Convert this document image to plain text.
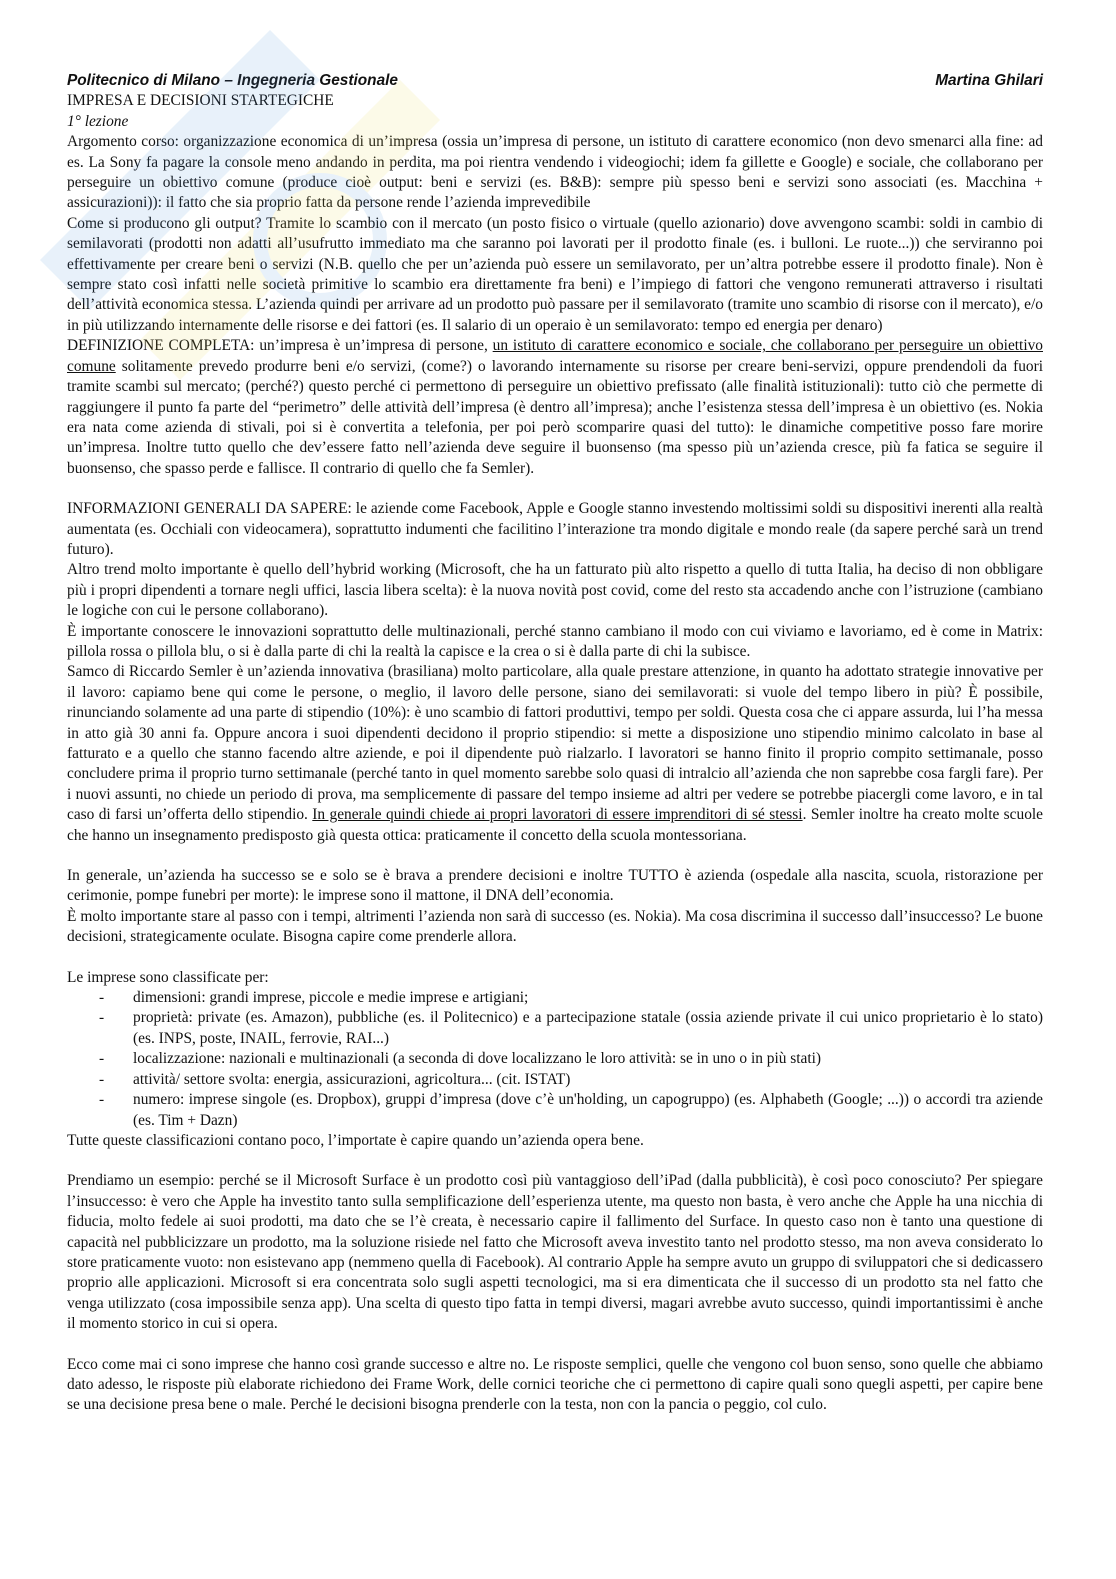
Politecnico di Milano – Ingegneria Gestionale	Martina Ghilari
IMPRESA E DECISIONI STARTEGICHE
1° lezione

Argomento corso: organizzazione economica di un’impresa (ossia un’impresa di persone, un istituto di carattere economico (non devo smenarci alla fine: ad es. La Sony fa pagare la console meno andando in perdita, ma poi rientra vendendo i videogiochi; idem fa gillette e Google) e sociale, che collaborano per perseguire un obiettivo comune (produce cioè output: beni e servizi (es. B&B): sempre più spesso beni e servizi sono associati (es. Macchina + assicurazioni)): il fatto che sia proprio fatta da persone rende l’azienda imprevedibile

Come si producono gli output? Tramite lo scambio con il mercato (un posto fisico o virtuale (quello azionario) dove avvengono scambi: soldi in cambio di semilavorati (prodotti non adatti all’usufrutto immediato ma che saranno poi lavorati per il prodotto finale (es. i bulloni. Le ruote...)) che serviranno poi effettivamente per creare beni o servizi (N.B. quello che per un’azienda può essere un semilavorato, per un’altra potrebbe essere il prodotto finale). Non è sempre stato così infatti nelle società primitive lo scambio era direttamente fra beni) e l’impiego di fattori che vengono remunerati attraverso i risultati dell’attività economica stessa. L’azienda quindi per arrivare ad un prodotto può passare per il semilavorato (tramite uno scambio di risorse con il mercato), e/o in più utilizzando internamente delle risorse e dei fattori (es. Il salario di un operaio è un semilavorato: tempo ed energia per denaro)

DEFINIZIONE COMPLETA: un’impresa è un’impresa di persone, un istituto di carattere economico e sociale, che collaborano per perseguire un obiettivo comune solitamente prevedo produrre beni e/o servizi, (come?) o lavorando internamente su risorse per creare beni-servizi, oppure prendendoli da fuori tramite scambi sul mercato; (perché?) questo perché ci permettono di perseguire un obiettivo prefissato (alle finalità istituzionali): tutto ciò che permette di raggiungere il punto fa parte del “perimetro” delle attività dell’impresa (è dentro all’impresa); anche l’esistenza stessa dell’impresa è un obiettivo (es. Nokia era nata come azienda di stivali, poi si è convertita a telefonia, per poi però scomparire quasi del tutto): le dinamiche competitive posso fare morire un’impresa. Inoltre tutto quello che dev’essere fatto nell’azienda deve seguire il buonsenso (ma spesso più un’azienda cresce, più fa fatica se seguire il buonsenso, che spasso perde e fallisce. Il contrario di quello che fa Semler).

INFORMAZIONI GENERALI DA SAPERE: le aziende come Facebook, Apple e Google stanno investendo moltissimi soldi su dispositivi inerenti alla realtà aumentata (es. Occhiali con videocamera), soprattutto indumenti che facilitino l’interazione tra mondo digitale e mondo reale (da sapere perché sarà un trend futuro).

Altro trend molto importante è quello dell’hybrid working (Microsoft, che ha un fatturato più alto rispetto a quello di tutta Italia, ha deciso di non obbligare più i propri dipendenti a tornare negli uffici, lascia libera scelta): è la nuova novità post covid, come del resto sta accadendo anche con l’istruzione (cambiano le logiche con cui le persone collaborano).

È importante conoscere le innovazioni soprattutto delle multinazionali, perché stanno cambiano il modo con cui viviamo e lavoriamo, ed è come in Matrix: pillola rossa o pillola blu, o si è dalla parte di chi la realtà la capisce e la crea o si è dalla parte di chi la subisce.

Samco di Riccardo Semler è un’azienda innovativa (brasiliana) molto particolare, alla quale prestare attenzione, in quanto ha adottato strategie innovative per il lavoro: capiamo bene qui come le persone, o meglio, il lavoro delle persone, siano dei semilavorati: si vuole del tempo libero in più? È possibile, rinunciando solamente ad una parte di stipendio (10%): è uno scambio di fattori produttivi, tempo per soldi. Questa cosa che ci appare assurda, lui l’ha messa in atto già 30 anni fa. Oppure ancora i suoi dipendenti decidono il proprio stipendio: si mette a disposizione uno stipendio minimo calcolato in base al fatturato e a quello che stanno facendo altre aziende, e poi il dipendente può rialzarlo. I lavoratori se hanno finito il proprio compito settimanale, posso concludere prima il proprio turno settimanale (perché tanto in quel momento sarebbe solo quasi di intralcio all’azienda che non saprebbe cosa fargli fare). Per i nuovi assunti, no chiede un periodo di prova, ma semplicemente di passare del tempo insieme ad altri per vedere se potrebbe piacergli come lavoro, e in tal caso di farsi un’offerta dello stipendio. In generale quindi chiede ai propri lavoratori di essere imprenditori di sé stessi. Semler inoltre ha creato molte scuole che hanno un insegnamento predisposto già questa ottica: praticamente il concetto della scuola montessoriana.

In generale, un’azienda ha successo se e solo se è brava a prendere decisioni e inoltre TUTTO è azienda (ospedale alla nascita, scuola, ristorazione per cerimonie, pompe funebri per morte): le imprese sono il mattone, il DNA dell’economia.

È molto importante stare al passo con i tempi, altrimenti l’azienda non sarà di successo (es. Nokia). Ma cosa discrimina il successo dall’insuccesso? Le buone decisioni, strategicamente oculate. Bisogna capire come prenderle allora.

Le imprese sono classificate per:

- dimensioni: grandi imprese, piccole e medie imprese e artigiani;
- proprietà: private (es. Amazon), pubbliche (es. il Politecnico) e a partecipazione statale (ossia aziende private il cui unico proprietario è lo stato) (es. INPS, poste, INAIL, ferrovie, RAI...)
- localizzazione: nazionali e multinazionali (a seconda di dove localizzano le loro attività: se in uno o in più stati)
- attività/ settore svolta: energia, assicurazioni, agricoltura... (cit. ISTAT)
- numero: imprese singole (es. Dropbox), gruppi d’impresa (dove c’è un'holding, un capogruppo) (es. Alphabeth (Google; ...)) o accordi tra aziende (es. Tim + Dazn)

Tutte queste classificazioni contano poco, l’importate è capire quando un’azienda opera bene.

Prendiamo un esempio: perché se il Microsoft Surface è un prodotto così più vantaggioso dell’iPad (dalla pubblicità), è così poco conosciuto? Per spiegare l’insuccesso: è vero che Apple ha investito tanto sulla semplificazione dell’esperienza utente, ma questo non basta, è vero anche che Apple ha una nicchia di fiducia, molto fedele ai suoi prodotti, ma dato che se l’è creata, è necessario capire il fallimento del Surface. In questo caso non è tanto una questione di capacità nel pubblicizzare un prodotto, ma la soluzione risiede nel fatto che Microsoft aveva investito tanto nel prodotto stesso, ma non aveva considerato lo store praticamente vuoto: non esistevano app (nemmeno quella di Facebook). Al contrario Apple ha sempre avuto un gruppo di sviluppatori che si dedicassero proprio alle applicazioni. Microsoft si era concentrata solo sugli aspetti tecnologici, ma si era dimenticata che il successo di un prodotto sta nel fatto che venga utilizzato (cosa impossibile senza app). Una scelta di questo tipo fatta in tempi diversi, magari avrebbe avuto successo, quindi importantissimi è anche il momento storico in cui si opera.

Ecco come mai ci sono imprese che hanno così grande successo e altre no. Le risposte semplici, quelle che vengono col buon senso, sono quelle che abbiamo dato adesso, le risposte più elaborate richiedono dei Frame Work, delle cornici teoriche che ci permettono di capire quali sono quegli aspetti, per capire bene se una decisione presa bene o male. Perché le decisioni bisogna prenderle con la testa, non con la pancia o peggio, col culo.
